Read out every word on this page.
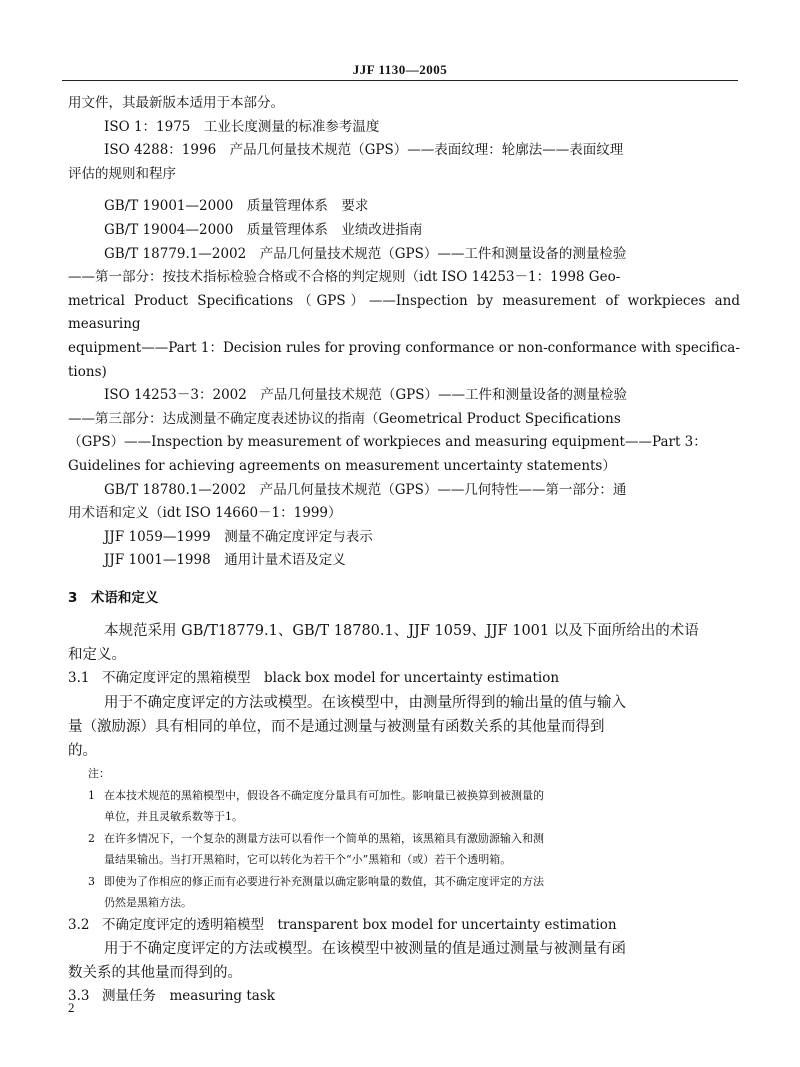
JJF 1130—2005

用文件，其最新版本适用于本部分。

ISO 1：1975　工业长度测量的标准参考温度

ISO 4288：1996　产品几何量技术规范（GPS）——表面纹理：轮廓法——表面纹理

评估的规则和程序

GB/T 19001—2000　质量管理体系　要求

GB/T 19004—2000　质量管理体系　业绩改进指南

GB/T 18779.1—2002　产品几何量技术规范（GPS）——工件和测量设备的测量检验

——第一部分：按技术指标检验合格或不合格的判定规则（idt ISO 14253－1：1998 Geo-

metrical Product Specifications（GPS）——Inspection by measurement of workpieces and measuring

equipment——Part 1：Decision rules for proving conformance or non-conformance with specifica-

tions)

ISO 14253－3：2002　产品几何量技术规范（GPS）——工件和测量设备的测量检验

——第三部分：达成测量不确定度表述协议的指南（Geometrical Product Specifications

（GPS）——Inspection by measurement of workpieces and measuring equipment——Part 3：

Guidelines for achieving agreements on measurement uncertainty statements）

GB/T 18780.1—2002　产品几何量技术规范（GPS）——几何特性——第一部分：通

用术语和定义（idt ISO 14660－1：1999）

JJF 1059—1999　测量不确定度评定与表示

JJF 1001—1998　通用计量术语及定义

3　术语和定义

本规范采用 GB/T18779.1、GB/T 18780.1、JJF 1059、JJF 1001 以及下面所给出的术语

和定义。

3.1 不确定度评定的黑箱模型　black box model for uncertainty estimation

用于不确定度评定的方法或模型。在该模型中，由测量所得到的输出量的值与输入

量（激励源）具有相同的单位，而不是通过测量与被测量有函数关系的其他量而得到

的。

注：

1 在本技术规范的黑箱模型中，假设各不确定度分量具有可加性。影响量已被换算到被测量的
单位，并且灵敏系数等于1。
2 在许多情况下，一个复杂的测量方法可以看作一个简单的黑箱，该黑箱具有激励源输入和测
量结果输出。当打开黑箱时，它可以转化为若干个“小”黑箱和（或）若干个透明箱。
3 即使为了作相应的修正而有必要进行补充测量以确定影响量的数值，其不确定度评定的方法
仍然是黑箱方法。

3.2 不确定度评定的透明箱模型　transparent box model for uncertainty estimation

用于不确定度评定的方法或模型。在该模型中被测量的值是通过测量与被测量有函

数关系的其他量而得到的。

3.3 测量任务　measuring task

2
